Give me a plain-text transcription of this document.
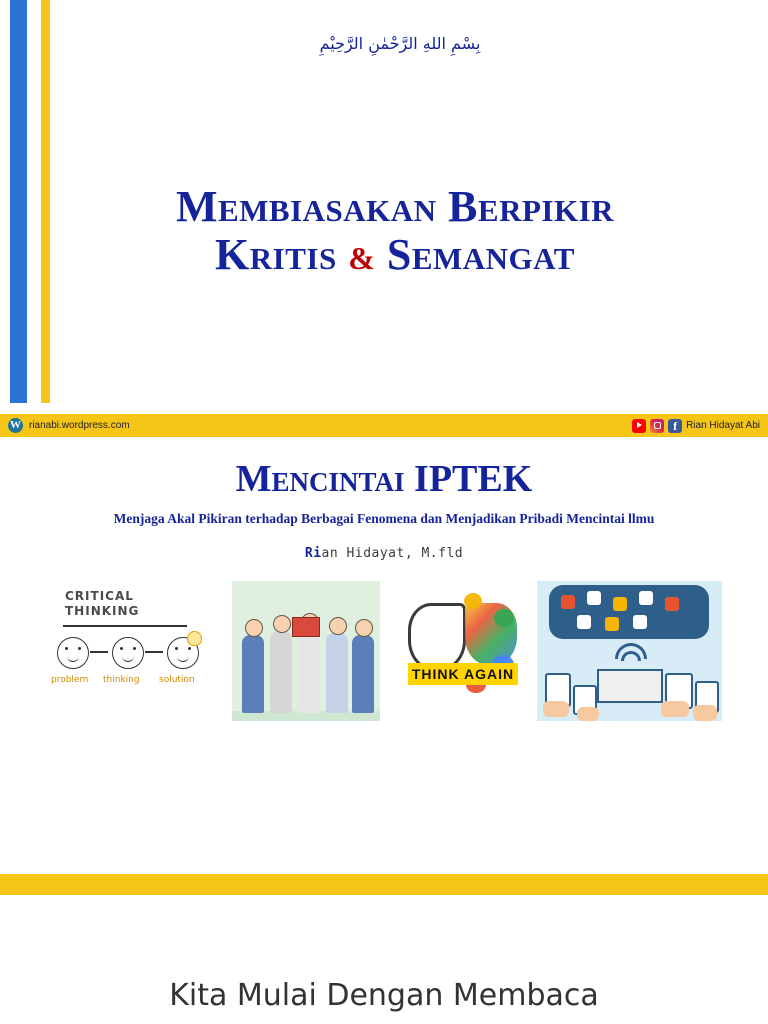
بِسْمِ اللهِ الرَّحْمٰنِ الرَّحِيْمِ
Membiasakan Berpikir
Kritis & Semangat
W rianabi.wordpress.com	f Rian Hidayat Abi
Mencintai IPTEK
Menjaga Akal Pikiran terhadap Berbagai Fenomena dan Menjadikan Pribadi Mencintai llmu
Rian Hidayat, M.fld
CRITICAL
THINKING
problem thinking solution	THINK AGAIN
Kita Mulai Dengan Membaca
